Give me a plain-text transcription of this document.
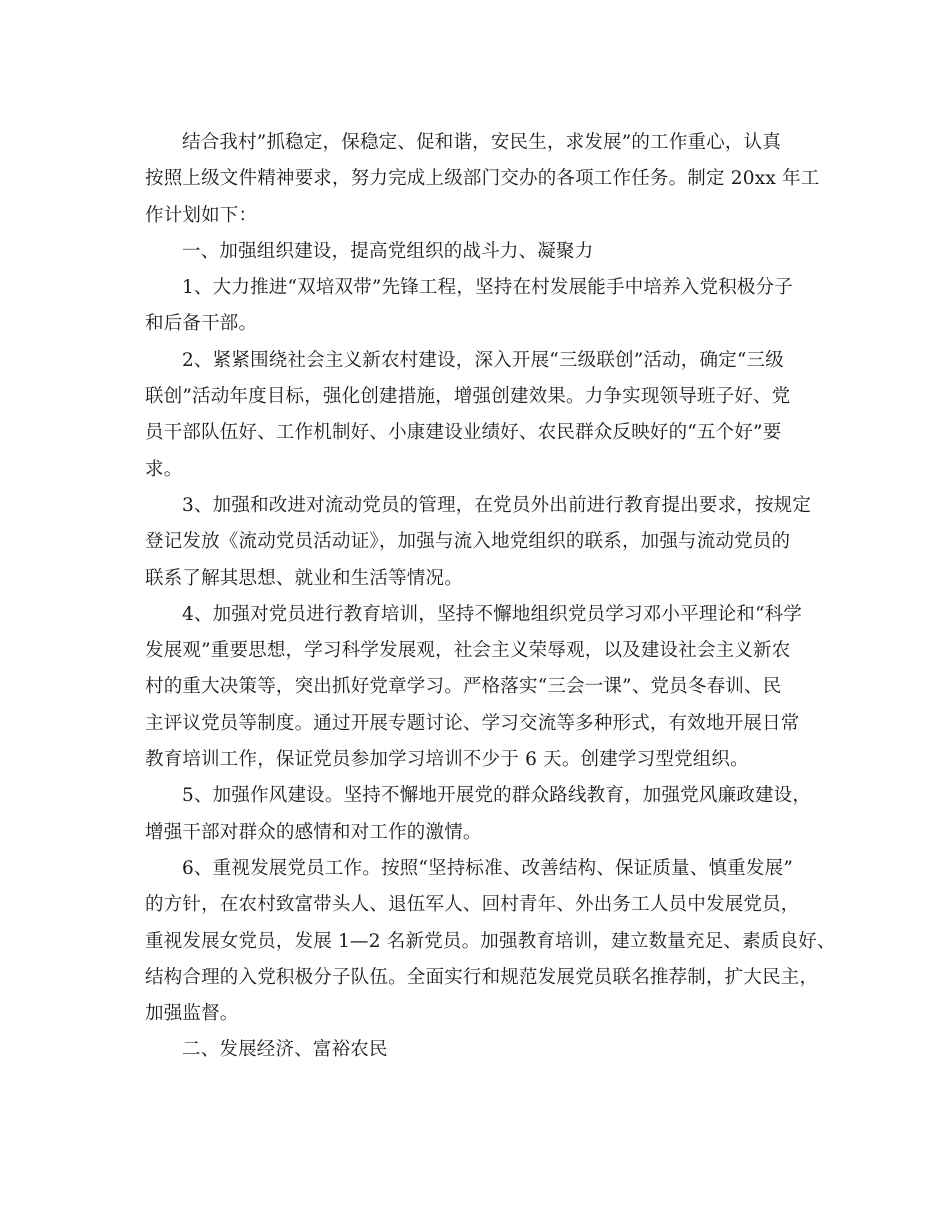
结合我村”抓稳定，保稳定、促和谐，安民生，求发展”的工作重心，认真
按照上级文件精神要求，努力完成上级部门交办的各项工作任务。制定 20xx 年工
作计划如下：
一、加强组织建设，提高党组织的战斗力、凝聚力
1、大力推进“双培双带”先锋工程，坚持在村发展能手中培养入党积极分子
和后备干部。
2、紧紧围绕社会主义新农村建设，深入开展“三级联创”活动，确定“三级
联创”活动年度目标，强化创建措施，增强创建效果。力争实现领导班子好、党
员干部队伍好、工作机制好、小康建设业绩好、农民群众反映好的“五个好”要
求。
3、加强和改进对流动党员的管理，在党员外出前进行教育提出要求，按规定
登记发放《流动党员活动证》，加强与流入地党组织的联系，加强与流动党员的
联系了解其思想、就业和生活等情况。
4、加强对党员进行教育培训，坚持不懈地组织党员学习邓小平理论和“科学
发展观”重要思想，学习科学发展观，社会主义荣辱观，以及建设社会主义新农
村的重大决策等，突出抓好党章学习。严格落实“三会一课”、党员冬春训、民
主评议党员等制度。通过开展专题讨论、学习交流等多种形式，有效地开展日常
教育培训工作，保证党员参加学习培训不少于 6 天。创建学习型党组织。
5、加强作风建设。坚持不懈地开展党的群众路线教育，加强党风廉政建设，
增强干部对群众的感情和对工作的激情。
6、重视发展党员工作。按照“坚持标准、改善结构、保证质量、慎重发展”
的方针，在农村致富带头人、退伍军人、回村青年、外出务工人员中发展党员，
重视发展女党员，发展 1—2 名新党员。加强教育培训，建立数量充足、素质良好、
结构合理的入党积极分子队伍。全面实行和规范发展党员联名推荐制，扩大民主，
加强监督。
二、发展经济、富裕农民
